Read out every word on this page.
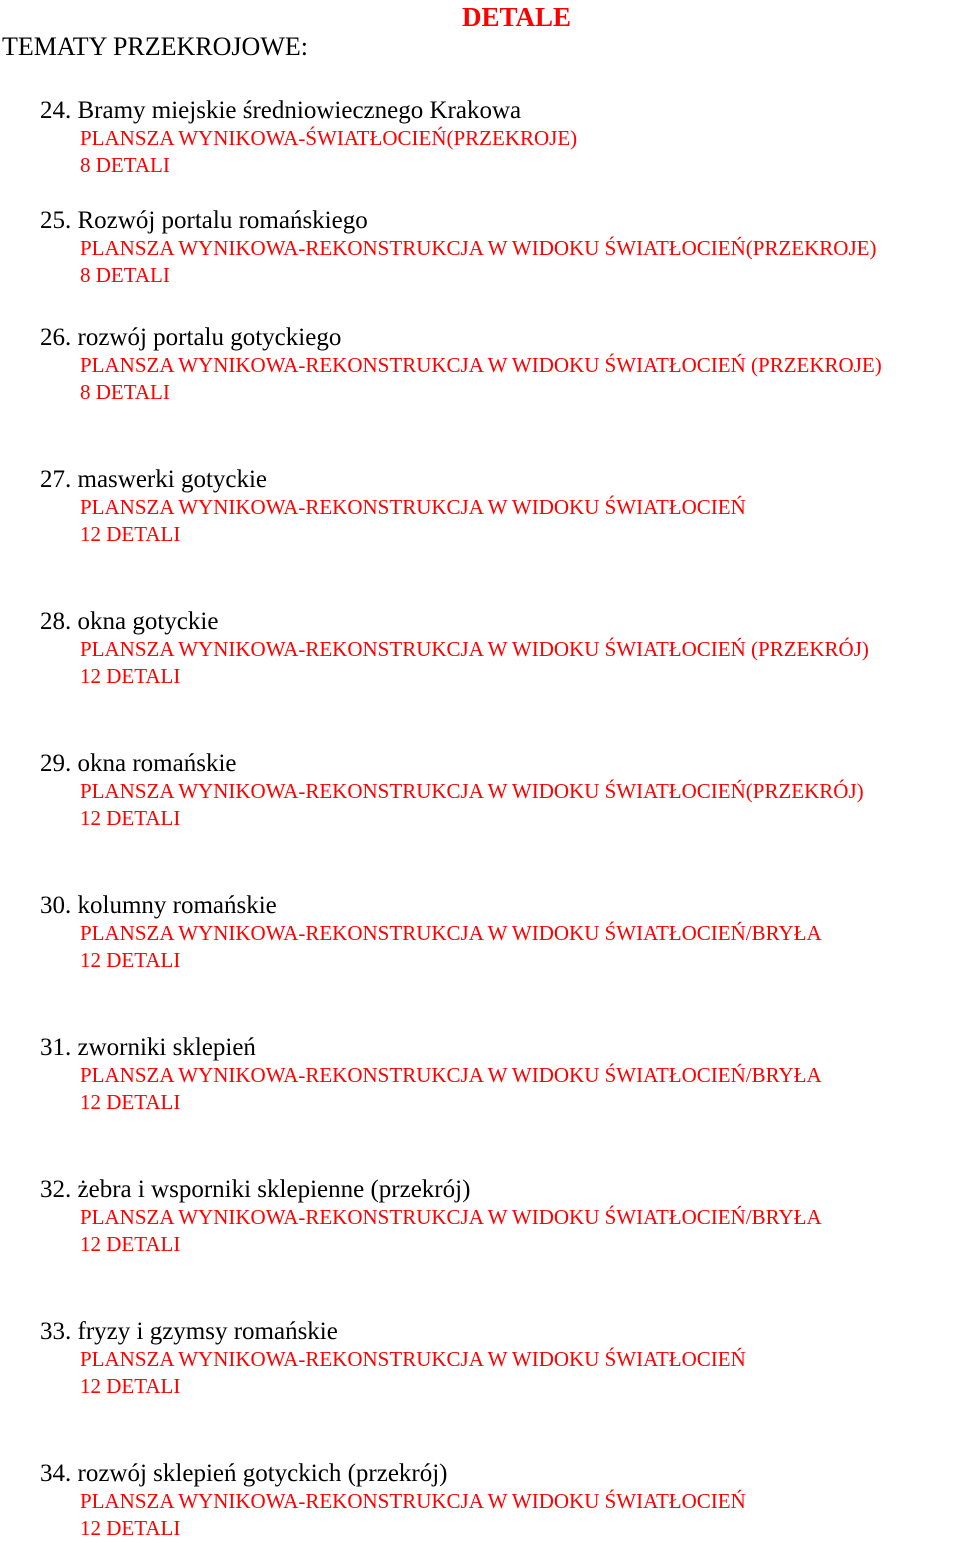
DETALE
TEMATY PRZEKROJOWE:
24. Bramy miejskie średniowiecznego Krakowa
PLANSZA WYNIKOWA-ŚWIATŁOCIEŃ(PRZEKROJE)
8 DETALI
25. Rozwój portalu romańskiego
PLANSZA WYNIKOWA-REKONSTRUKCJA W WIDOKU ŚWIATŁOCIEŃ(PRZEKROJE)
8 DETALI
26. rozwój portalu gotyckiego
PLANSZA WYNIKOWA-REKONSTRUKCJA W WIDOKU ŚWIATŁOCIEŃ (PRZEKROJE)
8 DETALI
27. maswerki gotyckie
PLANSZA WYNIKOWA-REKONSTRUKCJA W WIDOKU ŚWIATŁOCIEŃ
12 DETALI
28. okna gotyckie
PLANSZA WYNIKOWA-REKONSTRUKCJA W WIDOKU ŚWIATŁOCIEŃ (PRZEKRÓJ)
12 DETALI
29. okna romańskie
PLANSZA WYNIKOWA-REKONSTRUKCJA W WIDOKU ŚWIATŁOCIEŃ(PRZEKRÓJ)
12 DETALI
30. kolumny romańskie
PLANSZA WYNIKOWA-REKONSTRUKCJA W WIDOKU ŚWIATŁOCIEŃ/BRYŁA
12 DETALI
31. zworniki sklepień
PLANSZA WYNIKOWA-REKONSTRUKCJA W WIDOKU ŚWIATŁOCIEŃ/BRYŁA
12 DETALI
32. żebra i wsporniki sklepienne (przekrój)
PLANSZA WYNIKOWA-REKONSTRUKCJA W WIDOKU ŚWIATŁOCIEŃ/BRYŁA
12 DETALI
33. fryzy i gzymsy romańskie
PLANSZA WYNIKOWA-REKONSTRUKCJA W WIDOKU ŚWIATŁOCIEŃ
12 DETALI
34. rozwój sklepień gotyckich (przekrój)
PLANSZA WYNIKOWA-REKONSTRUKCJA W WIDOKU ŚWIATŁOCIEŃ
12 DETALI
